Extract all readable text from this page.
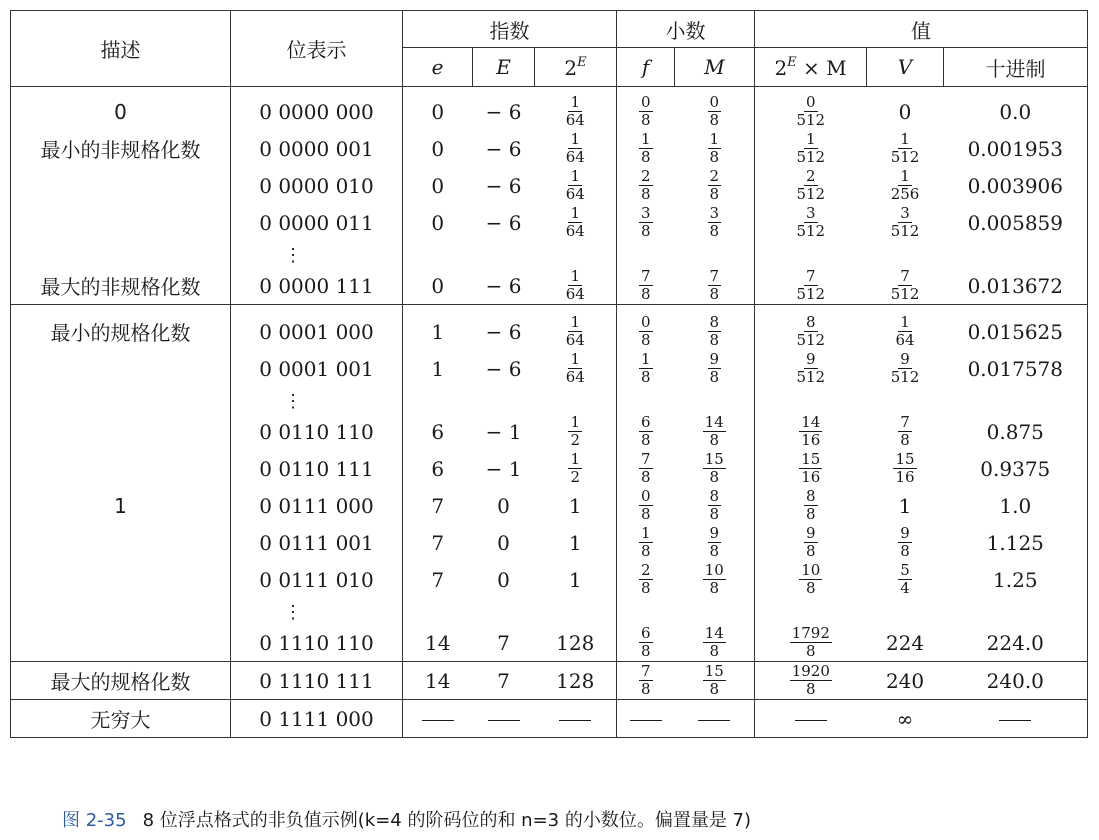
描述	位表示	指数			小数		值		
		e	E	$2^E$	f	M	$2^E \times M$	V	十进制
0	0 0000 000	0	− 6	$\frac{1}{64}$	$\frac{0}{8}$	$\frac{0}{8}$	$\frac{0}{512}$	0	0.0
最小的非规格化数	0 0000 001	0	− 6	$\frac{1}{64}$	$\frac{1}{8}$	$\frac{1}{8}$	$\frac{1}{512}$	$\frac{1}{512}$	0.001953
	0 0000 010	0	− 6	$\frac{1}{64}$	$\frac{2}{8}$	$\frac{2}{8}$	$\frac{2}{512}$	$\frac{1}{256}$	0.003906
	0 0000 011	0	− 6	$\frac{1}{64}$	$\frac{3}{8}$	$\frac{3}{8}$	$\frac{3}{512}$	$\frac{3}{512}$	0.005859
	⋮								
最大的非规格化数	0 0000 111	0	− 6	$\frac{1}{64}$	$\frac{7}{8}$	$\frac{7}{8}$	$\frac{7}{512}$	$\frac{7}{512}$	0.013672
最小的规格化数	0 0001 000	1	− 6	$\frac{1}{64}$	$\frac{0}{8}$	$\frac{8}{8}$	$\frac{8}{512}$	$\frac{1}{64}$	0.015625
	0 0001 001	1	− 6	$\frac{1}{64}$	$\frac{1}{8}$	$\frac{9}{8}$	$\frac{9}{512}$	$\frac{9}{512}$	0.017578
	⋮								
	0 0110 110	6	− 1	$\frac{1}{2}$	$\frac{6}{8}$	$\frac{14}{8}$	$\frac{14}{16}$	$\frac{7}{8}$	0.875
	0 0110 111	6	− 1	$\frac{1}{2}$	$\frac{7}{8}$	$\frac{15}{8}$	$\frac{15}{16}$	$\frac{15}{16}$	0.9375
1	0 0111 000	7	0	1	$\frac{0}{8}$	$\frac{8}{8}$	$\frac{8}{8}$	1	1.0
	0 0111 001	7	0	1	$\frac{1}{8}$	$\frac{9}{8}$	$\frac{9}{8}$	$\frac{9}{8}$	1.125
	0 0111 010	7	0	1	$\frac{2}{8}$	$\frac{10}{8}$	$\frac{10}{8}$	$\frac{5}{4}$	1.25
	⋮								
	0 1110 110	14	7	128	$\frac{6}{8}$	$\frac{14}{8}$	$\frac{1792}{8}$	224	224.0
最大的规格化数	0 1110 111	14	7	128	$\frac{7}{8}$	$\frac{15}{8}$	$\frac{1920}{8}$	240	240.0
无穷大	0 1111 000							∞	
图 2-35 8 位浮点格式的非负值示例(k=4 的阶码位的和 n=3 的小数位。偏置量是 7)
